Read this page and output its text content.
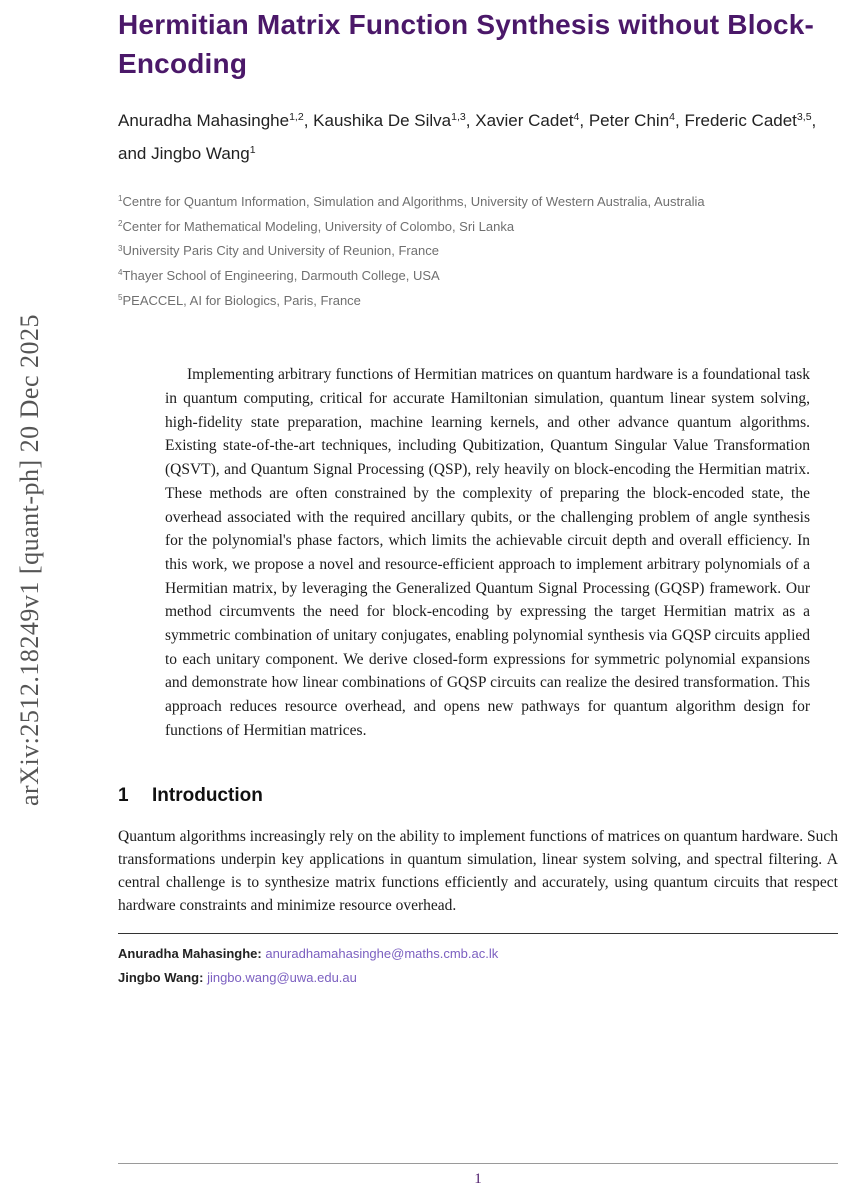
arXiv:2512.18249v1 [quant-ph] 20 Dec 2025
Hermitian Matrix Function Synthesis without Block-Encoding
Anuradha Mahasinghe$^{1,2}$, Kaushika De Silva$^{1,3}$, Xavier Cadet$^4$, Peter Chin$^4$, Frederic Cadet$^{3,5}$, and Jingbo Wang$^1$
$^1$Centre for Quantum Information, Simulation and Algorithms, University of Western Australia, Australia
$^2$Center for Mathematical Modeling, University of Colombo, Sri Lanka
$^3$University Paris City and University of Reunion, France
$^4$Thayer School of Engineering, Darmouth College, USA
$^5$PEACCEL, AI for Biologics, Paris, France

Implementing arbitrary functions of Hermitian matrices on quantum hardware is a foundational task in quantum computing, critical for accurate Hamiltonian simulation, quantum linear system solving, high-fidelity state preparation, machine learning kernels, and other advance quantum algorithms. Existing state-of-the-art techniques, including Qubitization, Quantum Singular Value Transformation (QSVT), and Quantum Signal Processing (QSP), rely heavily on block-encoding the Hermitian matrix. These methods are often constrained by the complexity of preparing the block-encoded state, the overhead associated with the required ancillary qubits, or the challenging problem of angle synthesis for the polynomial's phase factors, which limits the achievable circuit depth and overall efficiency. In this work, we propose a novel and resource-efficient approach to implement arbitrary polynomials of a Hermitian matrix, by leveraging the Generalized Quantum Signal Processing (GQSP) framework. Our method circumvents the need for block-encoding by expressing the target Hermitian matrix as a symmetric combination of unitary conjugates, enabling polynomial synthesis via GQSP circuits applied to each unitary component. We derive closed-form expressions for symmetric polynomial expansions and demonstrate how linear combinations of GQSP circuits can realize the desired transformation. This approach reduces resource overhead, and opens new pathways for quantum algorithm design for functions of Hermitian matrices.

1 Introduction

Quantum algorithms increasingly rely on the ability to implement functions of matrices on quantum hardware. Such transformations underpin key applications in quantum simulation, linear system solving, and spectral filtering. A central challenge is to synthesize matrix functions efficiently and accurately, using quantum circuits that respect hardware constraints and minimize resource overhead.

Anuradha Mahasinghe: anuradhamahasinghe@maths.cmb.ac.lk
Jingbo Wang: jingbo.wang@uwa.edu.au
1
